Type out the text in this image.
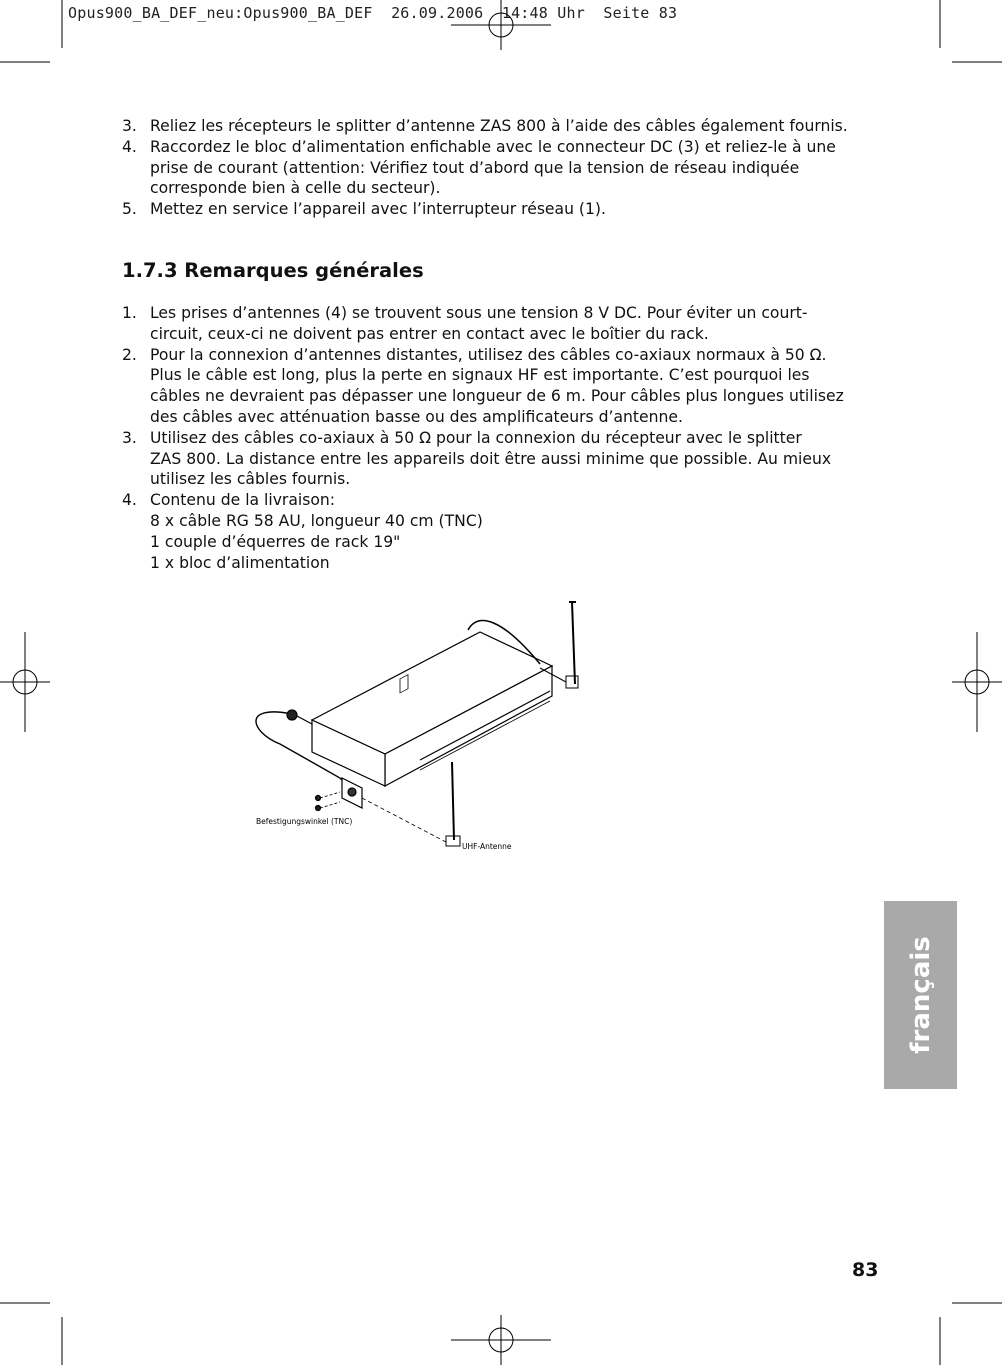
Opus900_BA_DEF_neu:Opus900_BA_DEF  26.09.2006  14:48 Uhr  Seite 83
3. Reliez les récepteurs le splitter d’antenne ZAS 800 à l’aide des câbles également fournis.
4. Raccordez le bloc d’alimentation enfichable avec le connecteur DC (3) et reliez-le à une
prise de courant (attention: Vérifiez tout d’abord que la tension de réseau indiquée
corresponde bien à celle du secteur).
5. Mettez en service l’appareil avec l’interrupteur réseau (1).
1.7.3 Remarques générales
1. Les prises d’antennes (4) se trouvent sous une tension 8 V DC. Pour éviter un court-
circuit, ceux-ci ne doivent pas entrer en contact avec le boîtier du rack.
2. Pour la connexion d’antennes distantes, utilisez des câbles co-axiaux normaux à 50 Ω.
Plus le câble est long, plus la perte en signaux HF est importante. C’est pourquoi les
câbles ne devraient pas dépasser une longueur de 6 m. Pour câbles plus longues utilisez
des câbles avec atténuation basse ou des amplificateurs d’antenne.
3. Utilisez des câbles co-axiaux à 50 Ω pour la connexion du récepteur avec le splitter
ZAS 800. La distance entre les appareils doit être aussi minime que possible. Au mieux
utilisez les câbles fournis.
4. Contenu de la livraison:
8 x câble RG 58 AU, longueur 40 cm (TNC)
1 couple d’équerres de rack 19"
1 x bloc d’alimentation
Befestigungswinkel (TNC)
UHF-Antenne
français
83
